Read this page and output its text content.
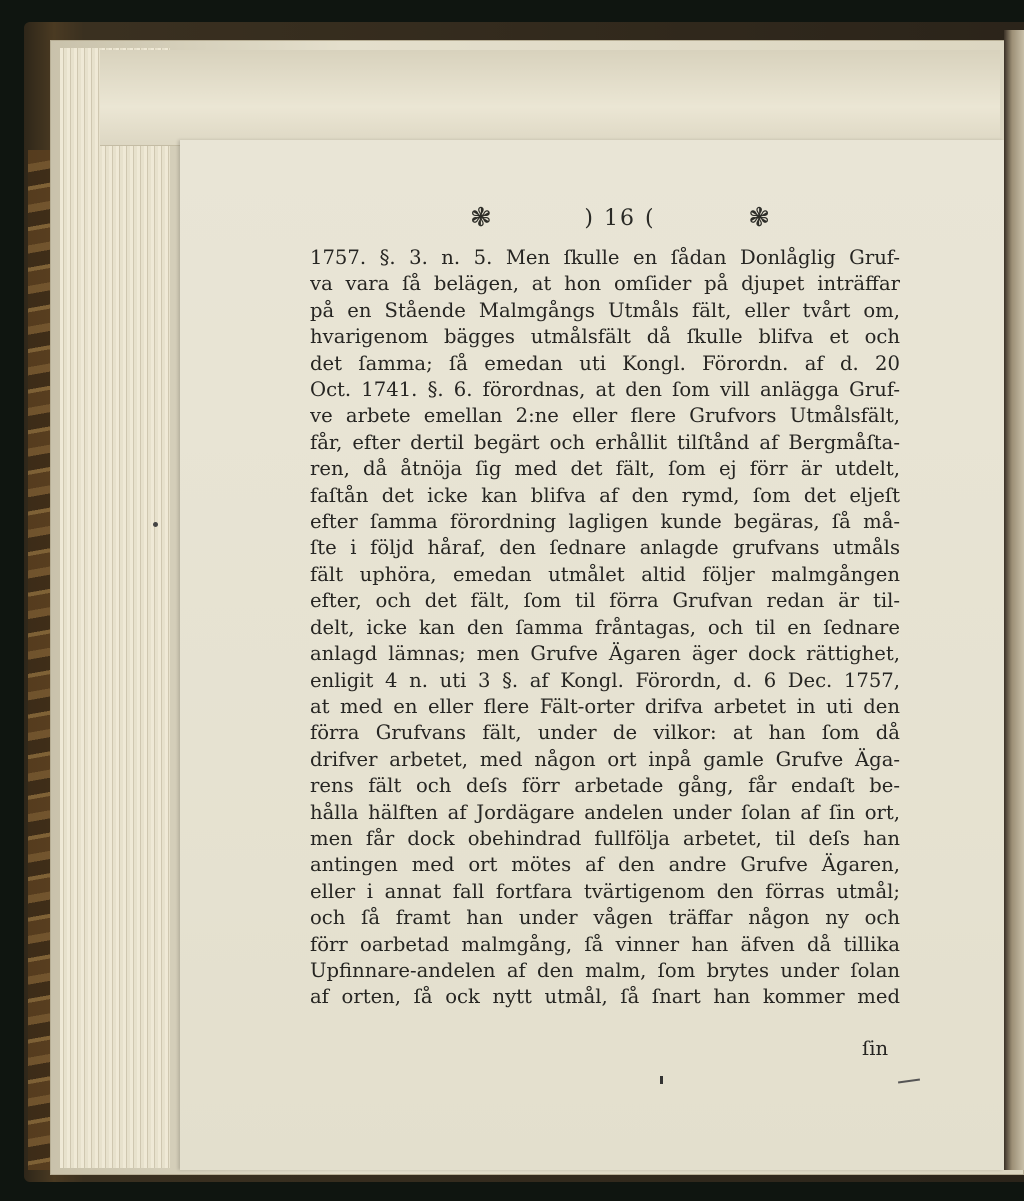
❃	) 16 (	❃
1757. §. 3. n. 5. Men ſkulle en ſådan Donlåglig Gruf-
va vara ſå belägen, at hon omſider på djupet inträffar
på en Stående Malmgångs Utmåls fält, eller tvårt om,
hvarigenom bägges utmålsfält då ſkulle blifva et och
det ſamma; ſå emedan uti Kongl. Förordn. af d. 20
Oct. 1741. §. 6. förordnas, at den ſom vill anlägga Gruf-
ve arbete emellan 2:ne eller flere Grufvors Utmålsfält,
får, efter dertil begärt och erhållit tilſtånd af Bergmåſta-
ren, då åtnöja ſig med det fält, ſom ej förr är utdelt,
faſtån det icke kan blifva af den rymd, ſom det eljeſt
efter ſamma förordning lagligen kunde begäras, ſå må-
ſte i följd håraf, den ſednare anlagde grufvans utmåls
fält uphöra, emedan utmålet altid följer malmgången
efter, och det fält, ſom til förra Grufvan redan är til-
delt, icke kan den ſamma fråntagas, och til en ſednare
anlagd lämnas; men Grufve Ägaren äger dock rättighet,
enligit 4 n. uti 3 §. af Kongl. Förordn, d. 6 Dec. 1757,
at med en eller flere Fält-orter drifva arbetet in uti den
förra Grufvans fält, under de vilkor: at han ſom då
drifver arbetet, med någon ort inpå gamle Grufve Äga-
rens fält och deſs förr arbetade gång, får endaſt be-
hålla hälften af Jordägare andelen under ſolan af ſin ort,
men får dock obehindrad fullfölja arbetet, til deſs han
antingen med ort mötes af den andre Grufve Ägaren,
eller i annat fall fortfara tvärtigenom den förras utmål;
och ſå framt han under vågen träffar någon ny och
förr oarbetad malmgång, ſå vinner han äfven då tillika
Upfinnare-andelen af den malm, ſom brytes under ſolan
af orten, ſå ock nytt utmål, ſå ſnart han kommer med
ſin
